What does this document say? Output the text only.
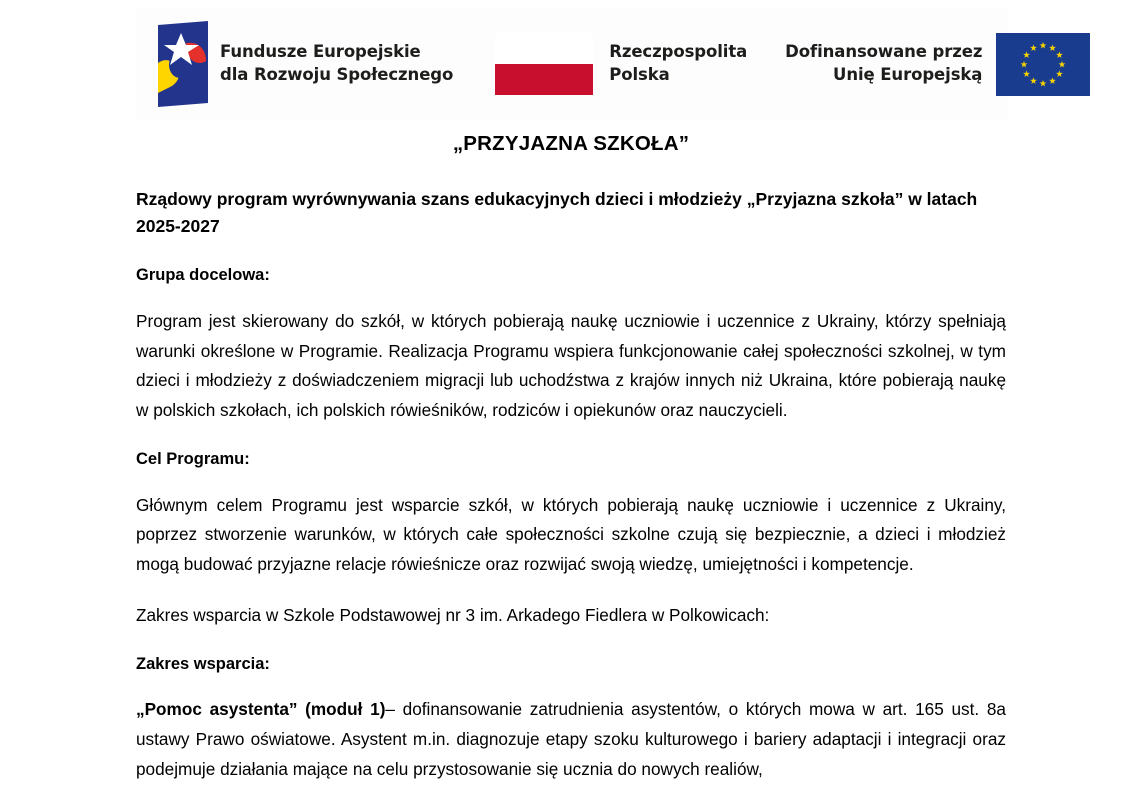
Fundusze Europejskie
dla Rozwoju Społecznego
Rzeczpospolita
Polska
Dofinansowane przez
Unię Europejską
„PRZYJAZNA SZKOŁA”

Rządowy program wyrównywania szans edukacyjnych dzieci i młodzieży „Przyjazna szkoła” w latach 2025-2027

Grupa docelowa:

Program jest skierowany do szkół, w których pobierają naukę uczniowie i uczennice z Ukrainy, którzy spełniają warunki określone w Programie. Realizacja Programu wspiera funkcjonowanie całej społeczności szkolnej, w tym dzieci i młodzieży z doświadczeniem migracji lub uchodźstwa z krajów innych niż Ukraina, które pobierają naukę w polskich szkołach, ich polskich rówieśników, rodziców i opiekunów oraz nauczycieli.

Cel Programu:

Głównym celem Programu jest wsparcie szkół, w których pobierają naukę uczniowie i uczennice z Ukrainy, poprzez stworzenie warunków, w których całe społeczności szkolne czują się bezpiecznie, a dzieci i młodzież mogą budować przyjazne relacje rówieśnicze oraz rozwijać swoją wiedzę, umiejętności i kompetencje.

Zakres wsparcia w Szkole Podstawowej nr 3 im. Arkadego Fiedlera w Polkowicach:

Zakres wsparcia:

„Pomoc asystenta” (moduł 1)– dofinansowanie zatrudnienia asystentów, o których mowa w art. 165 ust. 8a ustawy Prawo oświatowe. Asystent m.in. diagnozuje etapy szoku kulturowego i bariery adaptacji i integracji oraz podejmuje działania mające na celu przystosowanie się ucznia do nowych realiów,
